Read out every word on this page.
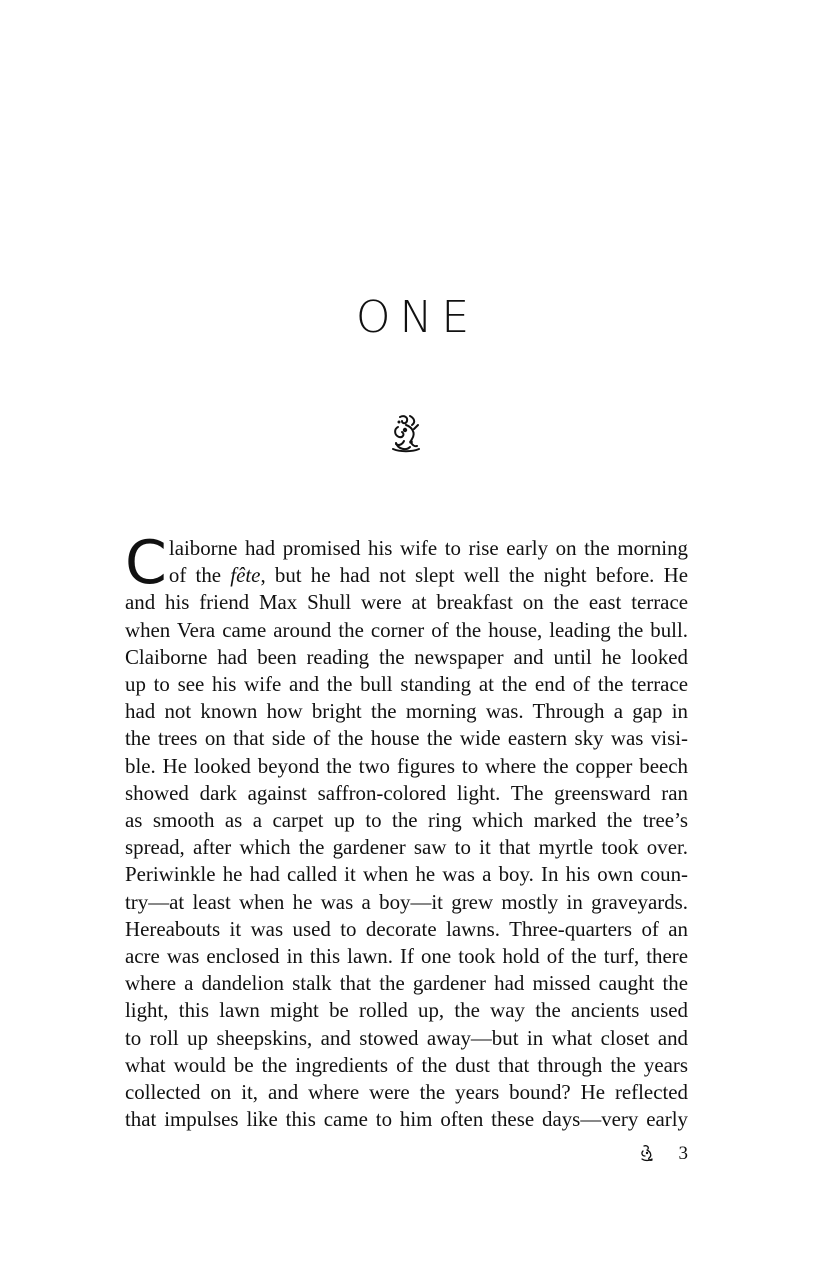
ONE
C laiborne had promised his wife to rise early on the morning
of the fête, but he had not slept well the night before. He
and his friend Max Shull were at breakfast on the east terrace
when Vera came around the corner of the house, leading the bull.
Claiborne had been reading the newspaper and until he looked
up to see his wife and the bull standing at the end of the terrace
had not known how bright the morning was. Through a gap in
the trees on that side of the house the wide eastern sky was visi-
ble. He looked beyond the two figures to where the copper beech
showed dark against saffron-colored light. The greensward ran
as smooth as a carpet up to the ring which marked the tree’s
spread, after which the gardener saw to it that myrtle took over.
Periwinkle he had called it when he was a boy. In his own coun-
try—at least when he was a boy—it grew mostly in graveyards.
Hereabouts it was used to decorate lawns. Three-quarters of an
acre was enclosed in this lawn. If one took hold of the turf, there
where a dandelion stalk that the gardener had missed caught the
light, this lawn might be rolled up, the way the ancients used
to roll up sheepskins, and stowed away—but in what closet and
what would be the ingredients of the dust that through the years
collected on it, and where were the years bound? He reflected
that impulses like this came to him often these days—very early
3
